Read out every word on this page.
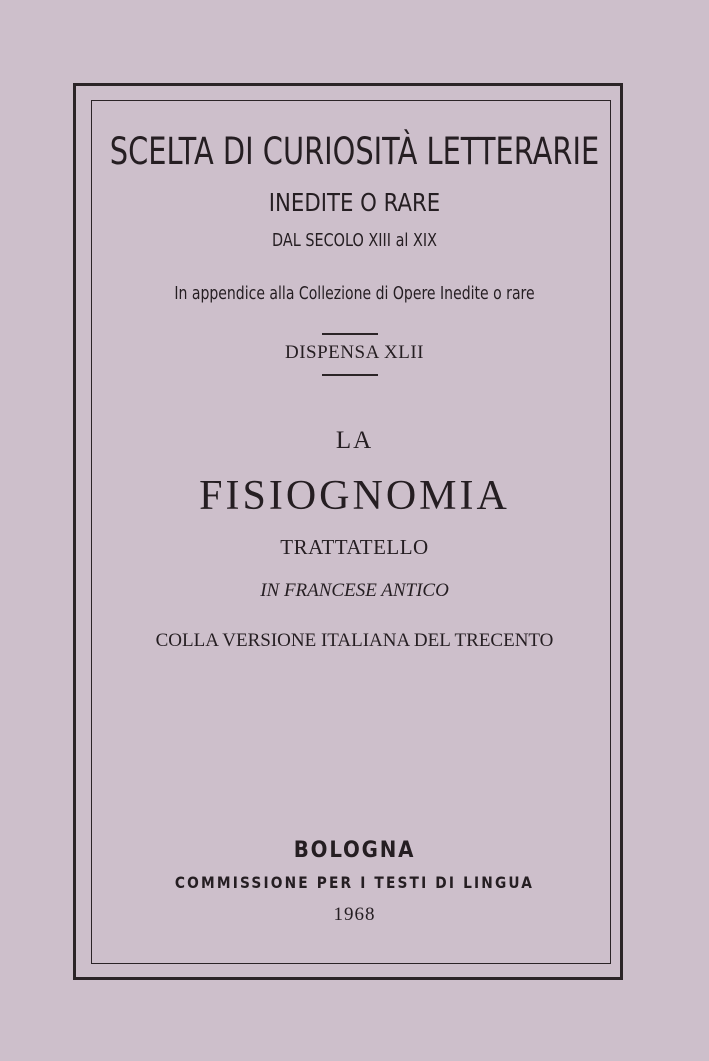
SCELTA DI CURIOSITÀ LETTERARIE
INEDITE O RARE
DAL SECOLO XIII al XIX
In appendice alla Collezione di Opere Inedite o rare
DISPENSA XLII
LA
FISIOGNOMIA
TRATTATELLO
IN FRANCESE ANTICO
COLLA VERSIONE ITALIANA DEL TRECENTO
BOLOGNA
COMMISSIONE PER I TESTI DI LINGUA
1968
